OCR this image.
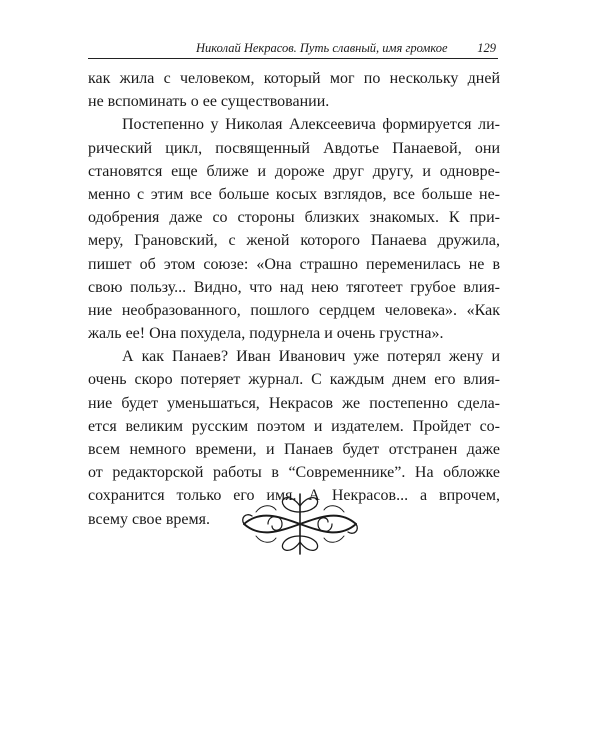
Николай Некрасов. Путь славный, имя громкое 129
как жила с человеком, который мог по нескольку дней
не вспоминать о ее существовании.
Постепенно у Николая Алексеевича формируется ли-
рический цикл, посвященный Авдотье Панаевой, они
становятся еще ближе и дороже друг другу, и одновре-
менно с этим все больше косых взглядов, все больше не-
одобрения даже со стороны близких знакомых. К при-
меру, Грановский, с женой которого Панаева дружила,
пишет об этом союзе: «Она страшно переменилась не в
свою пользу... Видно, что над нею тяготеет грубое влия-
ние необразованного, пошлого сердцем человека». «Как
жаль ее! Она похудела, подурнела и очень грустна».
А как Панаев? Иван Иванович уже потерял жену и
очень скоро потеряет журнал. С каждым днем его влия-
ние будет уменьшаться, Некрасов же постепенно сдела-
ется великим русским поэтом и издателем. Пройдет со-
всем немного времени, и Панаев будет отстранен даже
от редакторской работы в “Современнике”. На обложке
сохранится только его имя. А Некрасов... а впрочем,
всему свое время.
